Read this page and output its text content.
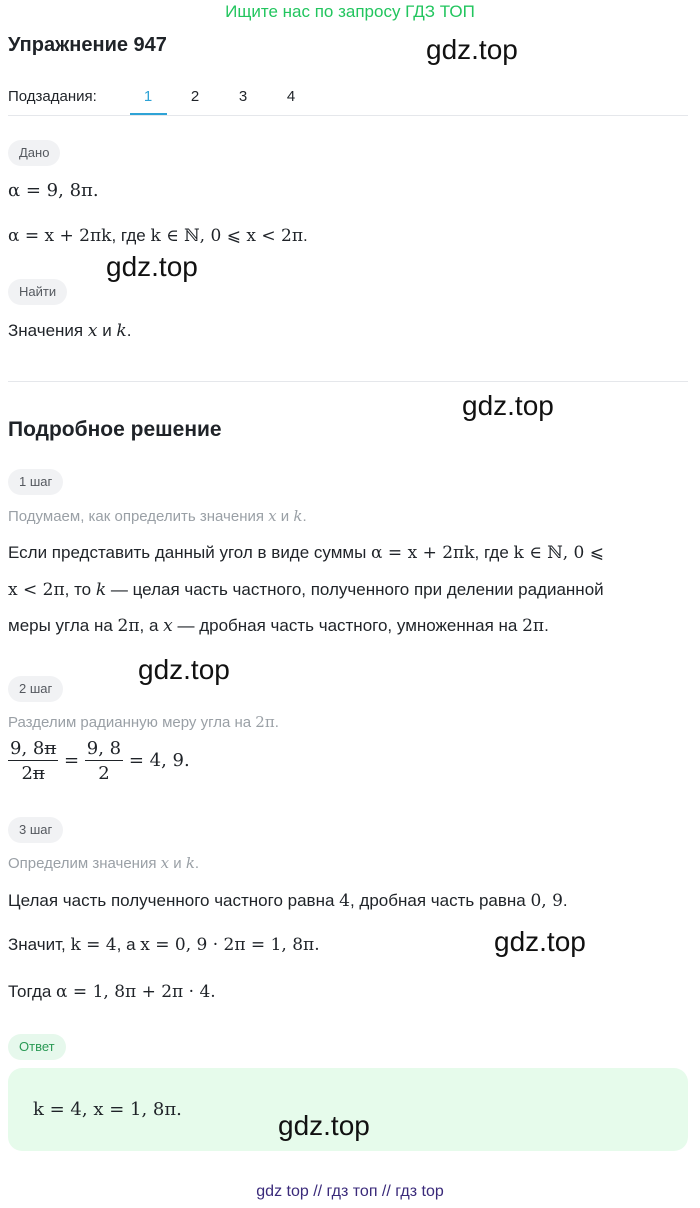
Ищите нас по запросу ГДЗ ТОП
Упражнение 947	gdz.top
Подзадания:	1	2	3	4
Дано
α = 9, 8π.
α = x + 2πk, где k ∈ ℕ, 0 ⩽ x < 2π.
gdz.top
Найти
Значения x и k.
gdz.top
Подробное решение
1 шаг
Подумаем, как определить значения x и k.
Если представить данный угол в виде суммы α = x + 2πk, где k ∈ ℕ, 0 ⩽
x < 2π, то k — целая часть частного, полученного при делении радианной
меры угла на 2π, а x — дробная часть частного, умноженная на 2π.
gdz.top
2 шаг
Разделим радианную меру угла на 2π.
$\frac{9, 8\pi}{2\pi} = \frac{9, 8}{2} = 4$, 9.
3 шаг
Определим значения x и k.
Целая часть полученного частного равна 4, дробная часть равна 0, 9.
Значит, k = 4, а x = 0, 9 · 2π = 1, 8π.	gdz.top
Тогда α = 1, 8π + 2π · 4.
Ответ
k = 4, x = 1, 8π.
gdz.top
gdz top // гдз топ // гдз top
